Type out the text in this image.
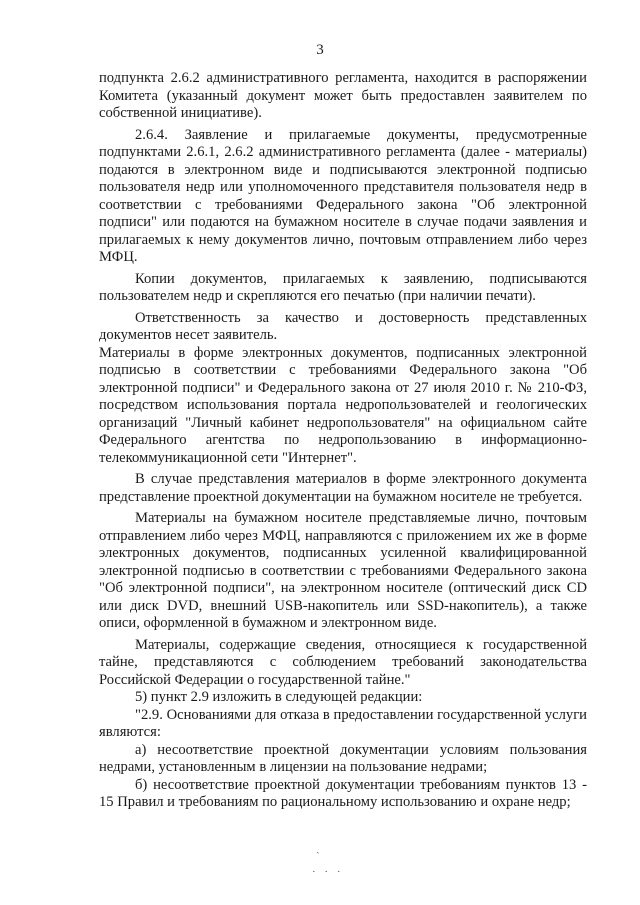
3

подпункта 2.6.2 административного регламента, находится в распоряжении Комитета (указанный документ может быть предоставлен заявителем по собственной инициативе).

2.6.4. Заявление и прилагаемые документы, предусмотренные подпунктами 2.6.1, 2.6.2 административного регламента (далее - материалы) подаются в электронном виде и подписываются электронной подписью пользователя недр или уполномоченного представителя пользователя недр в соответствии с требованиями Федерального закона "Об электронной подписи" или подаются на бумажном носителе в случае подачи заявления и прилагаемых к нему документов лично, почтовым отправлением либо через МФЦ.

Копии документов, прилагаемых к заявлению, подписываются пользователем недр и скрепляются его печатью (при наличии печати).

Ответственность за качество и достоверность представленных документов несет заявитель.

Материалы в форме электронных документов, подписанных электронной подписью в соответствии с требованиями Федерального закона "Об электронной подписи" и Федерального закона от 27 июля 2010 г. № 210-ФЗ, посредством использования портала недропользователей и геологических организаций "Личный кабинет недропользователя" на официальном сайте Федерального агентства по недропользованию в информационно-телекоммуникационной сети "Интернет".

В случае представления материалов в форме электронного документа представление проектной документации на бумажном носителе не требуется.

Материалы на бумажном носителе представляемые лично, почтовым отправлением либо через МФЦ, направляются с приложением их же в форме электронных документов, подписанных усиленной квалифицированной электронной подписью в соответствии с требованиями Федерального закона "Об электронной подписи", на электронном носителе (оптический диск CD или диск DVD, внешний USB-накопитель или SSD-накопитель), а также описи, оформленной в бумажном и электронном виде.

Материалы, содержащие сведения, относящиеся к государственной тайне, представляются с соблюдением требований законодательства Российской Федерации о государственной тайне."

5) пункт 2.9 изложить в следующей редакции:

"2.9. Основаниями для отказа в предоставлении государственной услуги являются:

а) несоответствие проектной документации условиям пользования недрами, установленным в лицензии на пользование недрами;

б) несоответствие проектной документации требованиям пунктов 13 - 15 Правил и требованиям по рациональному использованию и охране недр;

ˎ
· · ·
